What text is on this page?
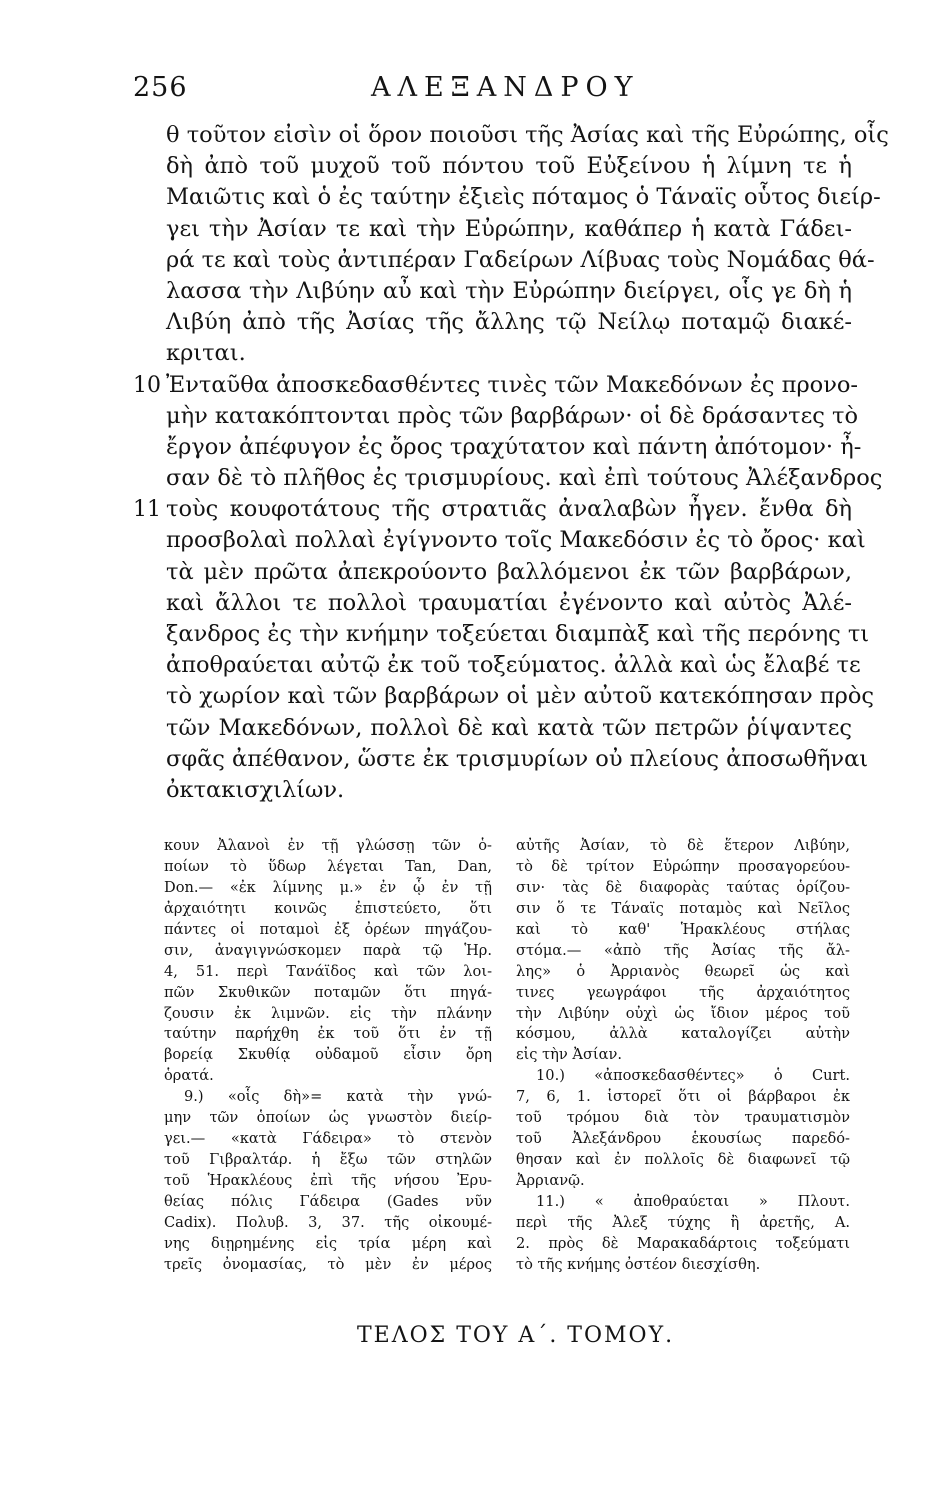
256	ΑΛΕΞΑΝΔΡΟΥ
θ τοῦτον εἰσὶν οἱ ὅρον ποιοῦσι τῆς Ἀσίας καὶ τῆς Εὐρώπης, οἷς
δὴ ἀπὸ τοῦ μυχοῦ τοῦ πόντου τοῦ Εὐξείνου ἡ λίμνη τε ἡ
Μαιῶτις καὶ ὁ ἐς ταύτην ἐξιεὶς πόταμος ὁ Τάναϊς οὗτος διείρ-
γει τὴν Ἀσίαν τε καὶ τὴν Εὐρώπην, καθάπερ ἡ κατὰ Γάδει-
ρά τε καὶ τοὺς ἀντιπέραν Γαδείρων Λίβυας τοὺς Νομάδας θά-
λασσα τὴν Λιβύην αὖ καὶ τὴν Εὐρώπην διείργει, οἷς γε δὴ ἡ
Λιβύη ἀπὸ τῆς Ἀσίας τῆς ἄλλης τῷ Νείλῳ ποταμῷ διακέ-
κριται.
10 Ἐνταῦθα ἀποσκεδασθέντες τινὲς τῶν Μακεδόνων ἐς προνο-
μὴν κατακόπτονται πρὸς τῶν βαρβάρων· οἱ δὲ δράσαντες τὸ
ἔργον ἀπέφυγον ἐς ὄρος τραχύτατον καὶ πάντη ἀπότομον· ἦ-
σαν δὲ τὸ πλῆθος ἐς τρισμυρίους. καὶ ἐπὶ τούτους Ἀλέξανδρος
11 τοὺς κουφοτάτους τῆς στρατιᾶς ἀναλαβὼν ἦγεν. ἔνθα δὴ
προσβολαὶ πολλαὶ ἐγίγνοντο τοῖς Μακεδόσιν ἐς τὸ ὄρος· καὶ
τὰ μὲν πρῶτα ἀπεκρούοντο βαλλόμενοι ἐκ τῶν βαρβάρων,
καὶ ἄλλοι τε πολλοὶ τραυματίαι ἐγένοντο καὶ αὐτὸς Ἀλέ-
ξανδρος ἐς τὴν κνήμην τοξεύεται διαμπὰξ καὶ τῆς περόνης τι
ἀποθραύεται αὐτῷ ἐκ τοῦ τοξεύματος. ἀλλὰ καὶ ὡς ἔλαβέ τε
τὸ χωρίον καὶ τῶν βαρβάρων οἱ μὲν αὐτοῦ κατεκόπησαν πρὸς
τῶν Μακεδόνων, πολλοὶ δὲ καὶ κατὰ τῶν πετρῶν ῥίψαντες
σφᾶς ἀπέθανον, ὥστε ἐκ τρισμυρίων οὐ πλείους ἀποσωθῆναι
ὀκτακισχιλίων.
κουν Ἀλανοὶ ἐν τῇ γλώσσῃ τῶν ὁ-
ποίων τὸ ὕδωρ λέγεται Tan, Dan,
Don.— «ἐκ λίμνης μ.» ἐν ᾧ ἐν τῇ
ἀρχαιότητι κοινῶς ἐπιστεύετο, ὅτι
πάντες οἱ ποταμοὶ ἐξ ὀρέων πηγάζου-
σιν, ἀναγιγνώσκομεν παρὰ τῷ Ἡρ.
4, 51. περὶ Τανάϊδος καὶ τῶν λοι-
πῶν Σκυθικῶν ποταμῶν ὅτι πηγά-
ζουσιν ἐκ λιμνῶν. εἰς τὴν πλάνην
ταύτην παρήχθη ἐκ τοῦ ὅτι ἐν τῇ
βορείᾳ Σκυθίᾳ οὐδαμοῦ εἶσιν ὄρη
ὁρατά.
9.) «οἷς δὴ»= κατὰ τὴν γνώ-
μην τῶν ὁποίων ὡς γνωστὸν διείρ-
γει.— «κατὰ Γάδειρα» τὸ στενὸν
τοῦ Γιβραλτάρ. ἡ ἔξω τῶν στηλῶν
τοῦ Ἡρακλέους ἐπὶ τῆς νήσου Ἐρυ-
θείας πόλις Γάδειρα (Gades νῦν
Cadix). Πολυβ. 3, 37. τῆς οἰκουμέ-
νης διῃρημένης εἰς τρία μέρη καὶ
τρεῖς ὀνομασίας, τὸ μὲν ἐν μέρος
αὐτῆς Ἀσίαν, τὸ δὲ ἕτερον Λιβύην,
τὸ δὲ τρίτον Εὐρώπην προσαγορεύου-
σιν· τὰς δὲ διαφορὰς ταύτας ὁρίζου-
σιν ὅ τε Τάναϊς ποταμὸς καὶ Νεῖλος
καὶ τὸ καθ' Ἡρακλέους στήλας
στόμα.— «ἀπὸ τῆς Ἀσίας τῆς ἄλ-
λης» ὁ Ἀρριανὸς θεωρεῖ ὡς καὶ
τινες γεωγράφοι τῆς ἀρχαιότητος
τὴν Λιβύην οὐχὶ ὡς ἴδιον μέρος τοῦ
κόσμου, ἀλλὰ καταλογίζει αὐτὴν
εἰς τὴν Ἀσίαν.
10.) «ἀποσκεδασθέντες» ὁ Curt.
7, 6, 1. ἱστορεῖ ὅτι οἱ βάρβαροι ἐκ
τοῦ τρόμου διὰ τὸν τραυματισμὸν
τοῦ Ἀλεξάνδρου ἑκουσίως παρεδό-
θησαν καὶ ἐν πολλοῖς δὲ διαφωνεῖ τῷ
Ἀρριανῷ.
11.) « ἀποθραύεται » Πλουτ.
περὶ τῆς Ἀλεξ τύχης ἢ ἀρετῆς, Α.
2. πρὸς δὲ Μαρακαδάρτοις τοξεύματι
τὸ τῆς κνήμης ὀστέον διεσχίσθη.
ΤΕΛΟΣ ΤΟΥ Α΄. ΤΟΜΟΥ.
